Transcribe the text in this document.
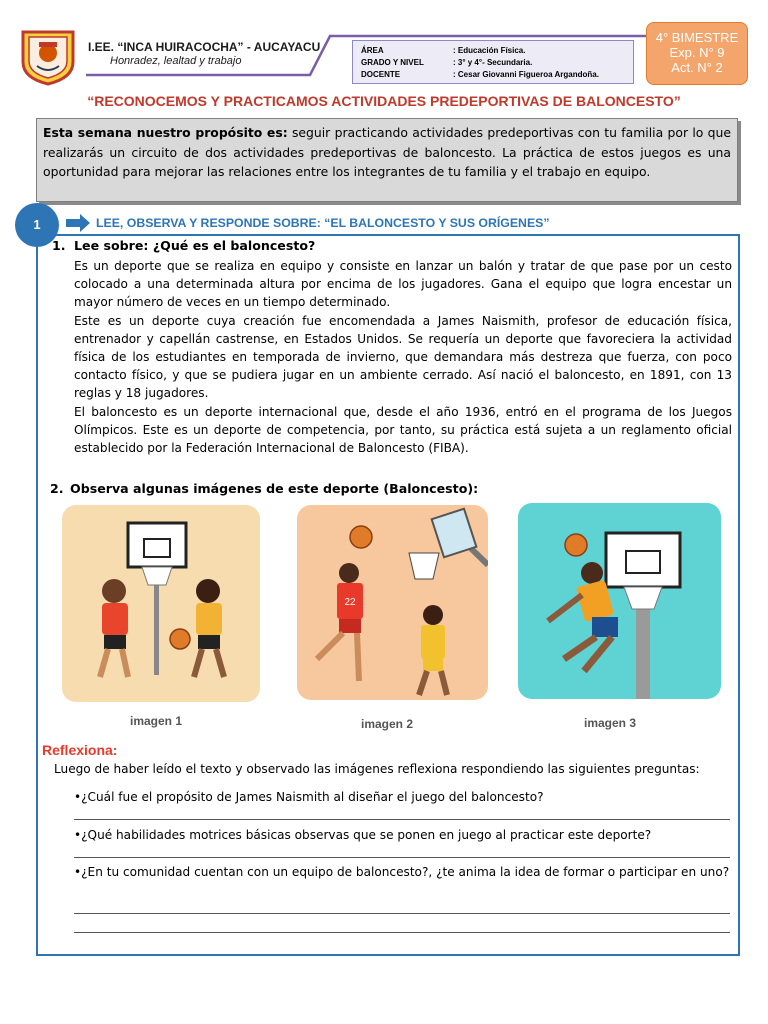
I.EE. “INCA HUIRACOCHA” - AUCAYACU
Honradez, lealtad y trabajo
ÁREA	: Educación Física.
GRADO Y NIVEL	: 3° y 4°- Secundaria.
DOCENTE	: Cesar Giovanni Figueroa Argandoña.
4° BIMESTRE
Exp. N° 9
Act. N° 2
“RECONOCEMOS Y PRACTICAMOS ACTIVIDADES PREDEPORTIVAS DE BALONCESTO”
Esta semana nuestro propósito es: seguir practicando actividades predeportivas con tu familia por lo que realizarás un circuito de dos actividades predeportivas de baloncesto. La práctica de estos juegos es una oportunidad para mejorar las relaciones entre los integrantes de tu familia y el trabajo en equipo.
1	LEE, OBSERVA Y RESPONDE SOBRE: “EL BALONCESTO Y SUS ORÍGENES”
1. Lee sobre: ¿Qué es el baloncesto?

Es un deporte que se realiza en equipo y consiste en lanzar un balón y tratar de que pase por un cesto colocado a una determinada altura por encima de los jugadores. Gana el equipo que logra encestar un mayor número de veces en un tiempo determinado.

Este es un deporte cuya creación fue encomendada a James Naismith, profesor de educación física, entrenador y capellán castrense, en Estados Unidos. Se requería un deporte que favoreciera la actividad física de los estudiantes en temporada de invierno, que demandara más destreza que fuerza, con poco contacto físico, y que se pudiera jugar en un ambiente cerrado. Así nació el baloncesto, en 1891, con 13 reglas y 18 jugadores.

El baloncesto es un deporte internacional que, desde el año 1936, entró en el programa de los Juegos Olímpicos. Este es un deporte de competencia, por tanto, su práctica está sujeta a un reglamento oficial establecido por la Federación Internacional de Baloncesto (FIBA).

2. Observa algunas imágenes de este deporte (Baloncesto):
22
imagen 1	imagen 2	imagen 3
Reflexiona:
Luego de haber leído el texto y observado las imágenes reflexiona respondiendo las siguientes preguntas:
•¿Cuál fue el propósito de James Naismith al diseñar el juego del baloncesto?
•¿Qué habilidades motrices básicas observas que se ponen en juego al practicar este deporte?
•¿En tu comunidad cuentan con un equipo de baloncesto?, ¿te anima la idea de formar o participar en uno?
